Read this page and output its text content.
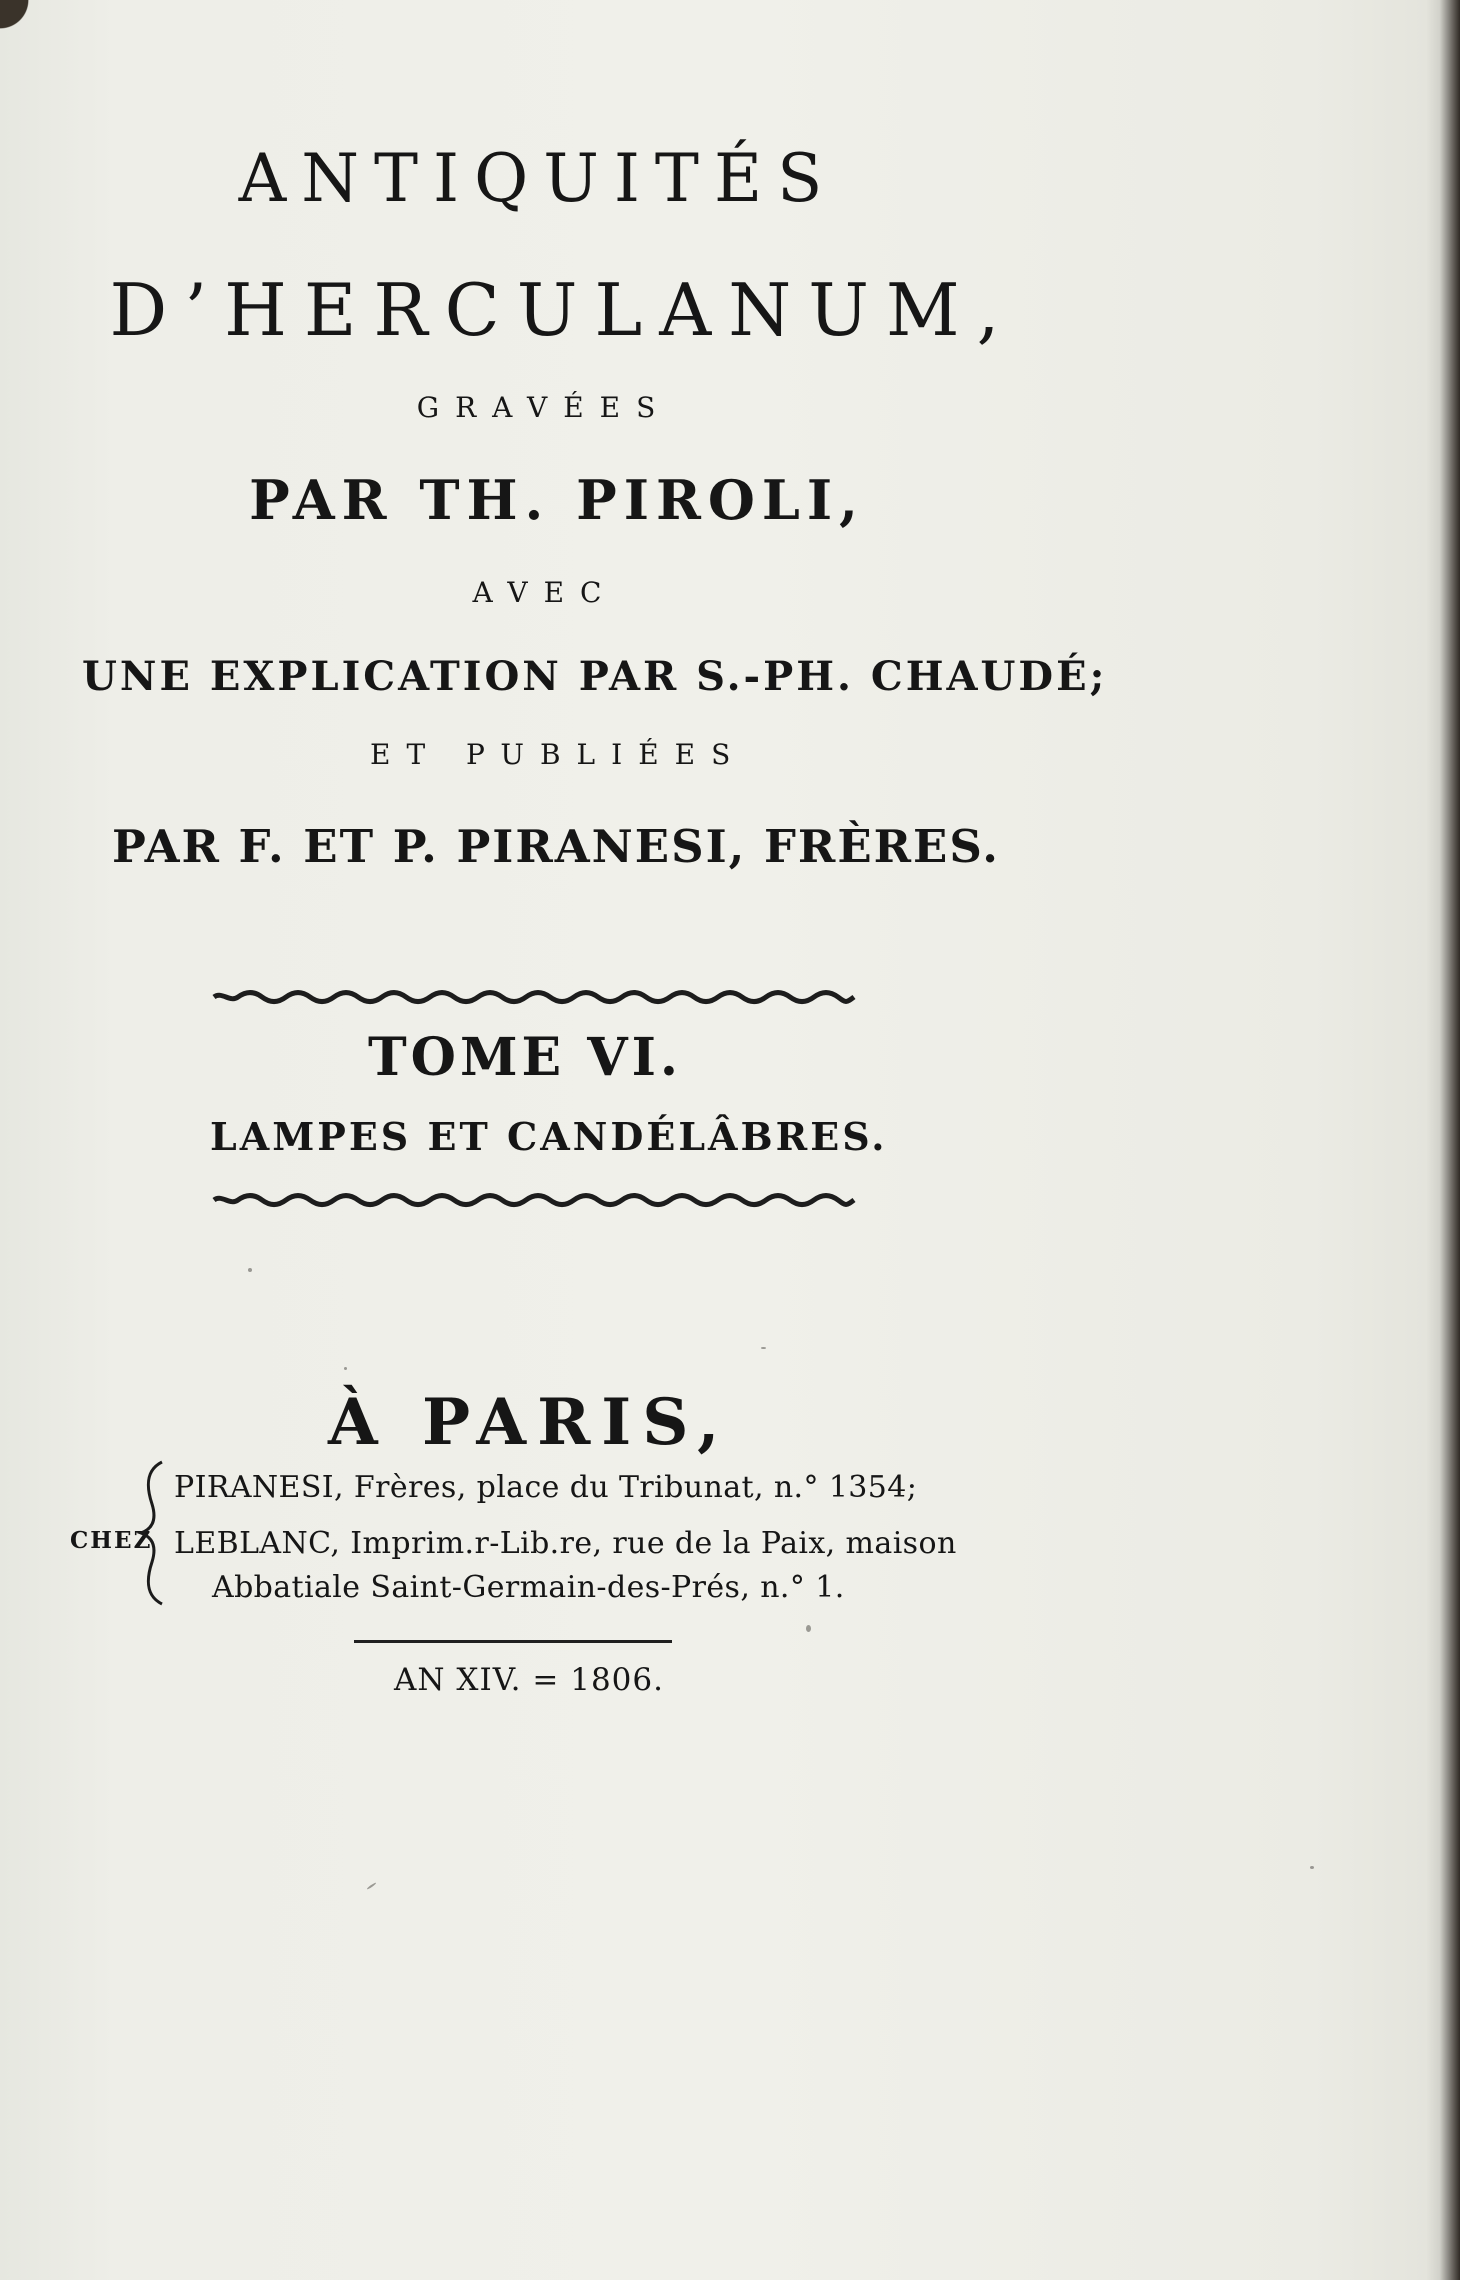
ANTIQUITÉS
D’HERCULANUM,
GRAVÉES
PAR TH. PIROLI,
AVEC
UNE EXPLICATION PAR S.-PH. CHAUDÉ;
ET PUBLIÉES
PAR F. ET P. PIRANESI, FRÈRES.
TOME VI.
LAMPES ET CANDÉLÂBRES.
À PARIS,
CHEZ
PIRANESI, Frères, place du Tribunat, n.° 1354;
LEBLANC, Imprim.r-Lib.re, rue de la Paix, maison
Abbatiale Saint-Germain-des-Prés, n.° 1.
AN XIV. = 1806.
